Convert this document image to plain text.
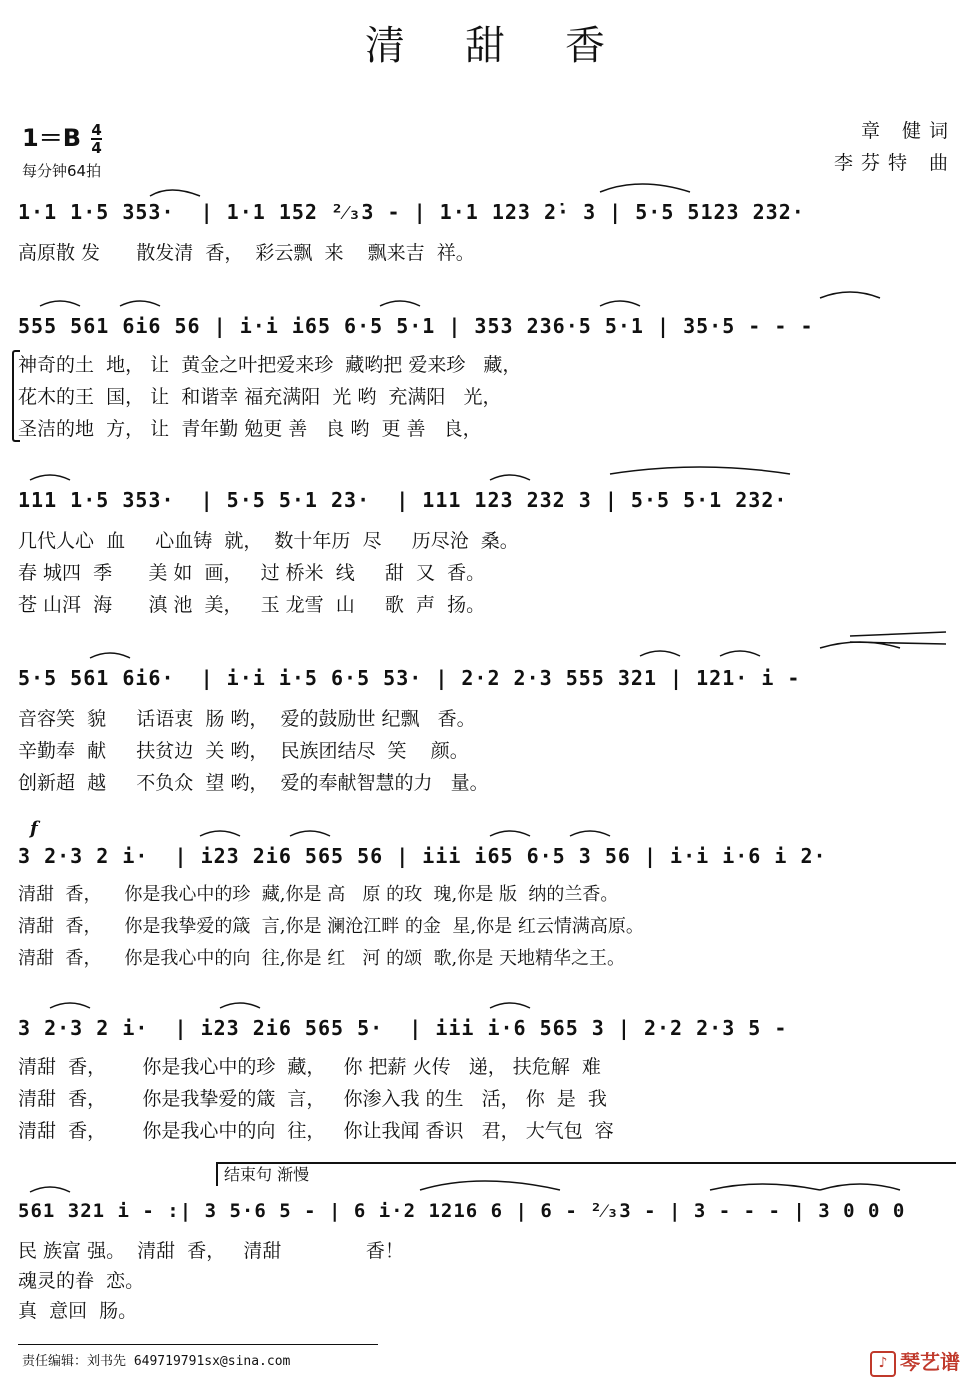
清甜香
$1=B \frac{4}{4}$
每分钟64拍
章 健词
李芬特 曲
1·1 1·5 353·  | 1·1 152 ²⁄₃3 - | 1·1 123 2̇· 3 | 5·5 5123 232·
高原散 发      散发清  香，  彩云飘  来    飘来吉  祥。
555 561 6i6 56 | i·i i65 6·5 5·1 | 353 236·5 5·1 | 35·5 - - -
神奇的土  地， 让  黄金之叶把爱来珍  藏哟把 爱来珍   藏，
花木的王  国， 让  和谐幸 福充满阳  光 哟  充满阳   光，
圣洁的地  方， 让  青年勤 勉更 善   良 哟  更 善   良，
111 1·5 353·  | 5·5 5·1 23·  | 111 123 232 3 | 5·5 5·1 232·
几代人心  血     心血铸  就，  数十年历  尽     历尽沧  桑。
春 城四  季      美 如  画，   过 桥米  线     甜  又  香。
苍 山洱  海      滇 池  美，   玉 龙雪  山     歌  声  扬。
5·5 561 6i6·  | i·i i·5 6·5 53· | 2·2 2·3 555 321 | 121· i -
音容笑  貌     话语衷  肠 哟，  爱的鼓励世 纪飘   香。
辛勤奉  献     扶贫边  关 哟，  民族团结尽  笑    颜。
创新超  越     不负众  望 哟，  爱的奉献智慧的力   量。
f
3 2·3 2 i·  | i23 2i6 565 56 | iii i65 6·5 3 56 | i·i i·6 i 2·
清甜  香，    你是我心中的珍  藏,你是 高   原 的玫  瑰,你是 版  纳的兰香。
清甜  香，    你是我挚爱的箴  言,你是 澜沧江畔 的金  星,你是 红云情满高原。
清甜  香，    你是我心中的向  往,你是 红   河 的颂  歌,你是 天地精华之王。
3 2·3 2 i·  | i23 2i6 565 5·  | iii i·6 565 3 | 2·2 2·3 5 -
清甜  香，      你是我心中的珍  藏，   你 把薪 火传   递， 扶危解  难
清甜  香，      你是我挚爱的箴  言，   你渗入我 的生   活， 你  是  我
清甜  香，      你是我心中的向  往，   你让我闻 香识   君， 大气包  容
结束句 渐慢
561 321 i - :| 3 5·6 5 - | 6 i·2 1216 6 | 6 - ²⁄₃3 - | 3 - - - | 3 0 0 0
民 族富 强。  清甜  香，   清甜              香！
魂灵的眷  恋。
真  意回  肠。
责任编辑：刘书先 649719791sx@sina.com	♪ 琴艺谱
